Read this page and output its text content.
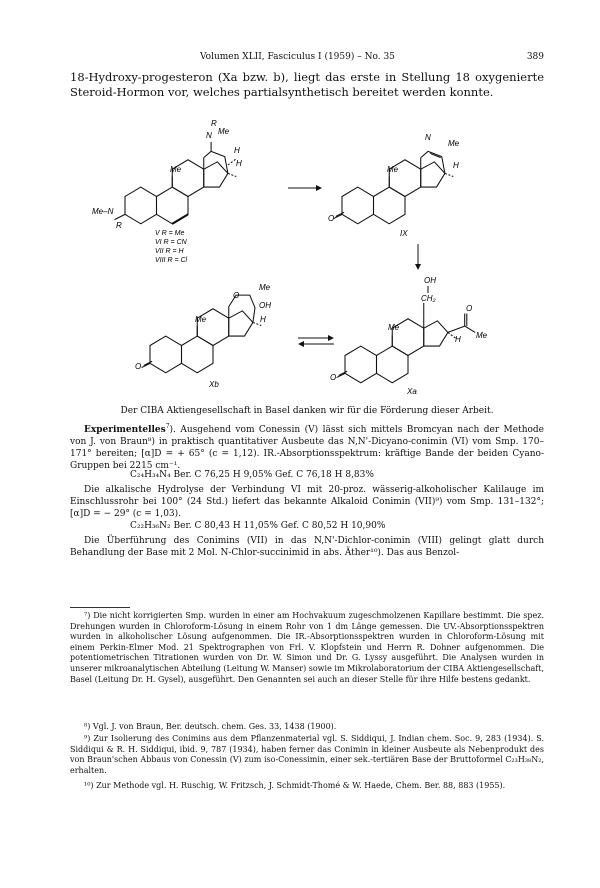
Volumen XLII, Fasciculus I (1959) – No. 35	389

18-Hydroxy-progesteron (Xa bzw. b), liegt das erste in Stellung 18 oxygenierte Steroid-Hormon vor, welches partialsynthetisch bereitet werden konnte.

R
Me
N
H
H
Me
Me–N
R
V R = Me
VI R = CN
VII R = H
VIII R = Cl
N
Me
H
Me
O
IX
O
Me
OH
H
Me
O
Xb
OH
CH₂
O
Me
H
Me
O
Xa

Der CIBA Aktiengesellschaft in Basel danken wir für die Förderung dieser Arbeit.

Experimentelles$^7$). Ausgehend vom Conessin (V) lässt sich mittels Bromcyan nach der Methode von J. von Braun⁸) in praktisch quantitativer Ausbeute das N,N'-Dicyano-conimin (VI) vom Smp. 170–171° bereiten; [α]D = + 65° (c = 1,12). IR.-Absorptionsspektrum: kräftige Bande der beiden Cyano-Gruppen bei 2215 cm⁻¹.

C₂₄H₃₄N₄ Ber. C 76,25 H 9,05% Gef. C 76,18 H 8,83%

Die alkalische Hydrolyse der Verbindung VI mit 20-proz. wässerig-alkoholischer Kalilauge im Einschlussrohr bei 100° (24 Std.) liefert das bekannte Alkaloid Conimin (VII)⁹) vom Smp. 131–132°; [α]D = − 29° (c = 1,03).

C₂₂H₃₆N₂ Ber. C 80,43 H 11,05% Gef. C 80,52 H 10,90%

Die Überführung des Conimins (VII) in das N,N'-Dichlor-conimin (VIII) gelingt glatt durch Behandlung der Base mit 2 Mol. N-Chlor-succinimid in abs. Äther¹⁰). Das aus Benzol-

⁷) Die nicht korrigierten Smp. wurden in einer am Hochvakuum zugeschmolzenen Kapillare bestimmt. Die spez. Drehungen wurden in Chloroform-Lösung in einem Rohr von 1 dm Länge gemessen. Die UV.-Absorptionsspektren wurden in alkoholischer Lösung aufgenommen. Die IR.-Absorptionsspektren wurden in Chloroform-Lösung mit einem Perkin-Elmer Mod. 21 Spektrographen von Frl. V. Klopfstein und Herrn R. Dohner aufgenommen. Die potentiometrischen Titrationen wurden von Dr. W. Simon und Dr. G. Lyssy ausgeführt. Die Analysen wurden in unserer mikroanalytischen Abteilung (Leitung W. Manser) sowie im Mikrolaboratorium der CIBA Aktiengesellschaft, Basel (Leitung Dr. H. Gysel), ausgeführt. Den Genannten sei auch an dieser Stelle für ihre Hilfe bestens gedankt.

⁸) Vgl. J. von Braun, Ber. deutsch. chem. Ges. 33, 1438 (1900).

⁹) Zur Isolierung des Conimins aus dem Pflanzenmaterial vgl. S. Siddiqui, J. Indian chem. Soc. 9, 283 (1934). S. Siddiqui & R. H. Siddiqui, ibid. 9, 787 (1934), haben ferner das Conimin in kleiner Ausbeute als Nebenprodukt des von Braun'schen Abbaus von Conessin (V) zum iso-Conessimin, einer sek.-tertiären Base der Bruttoformel C₂₃H₃₈N₂, erhalten.

¹⁰) Zur Methode vgl. H. Ruschig, W. Fritzsch, J. Schmidt-Thomé & W. Haede, Chem. Ber. 88, 883 (1955).
